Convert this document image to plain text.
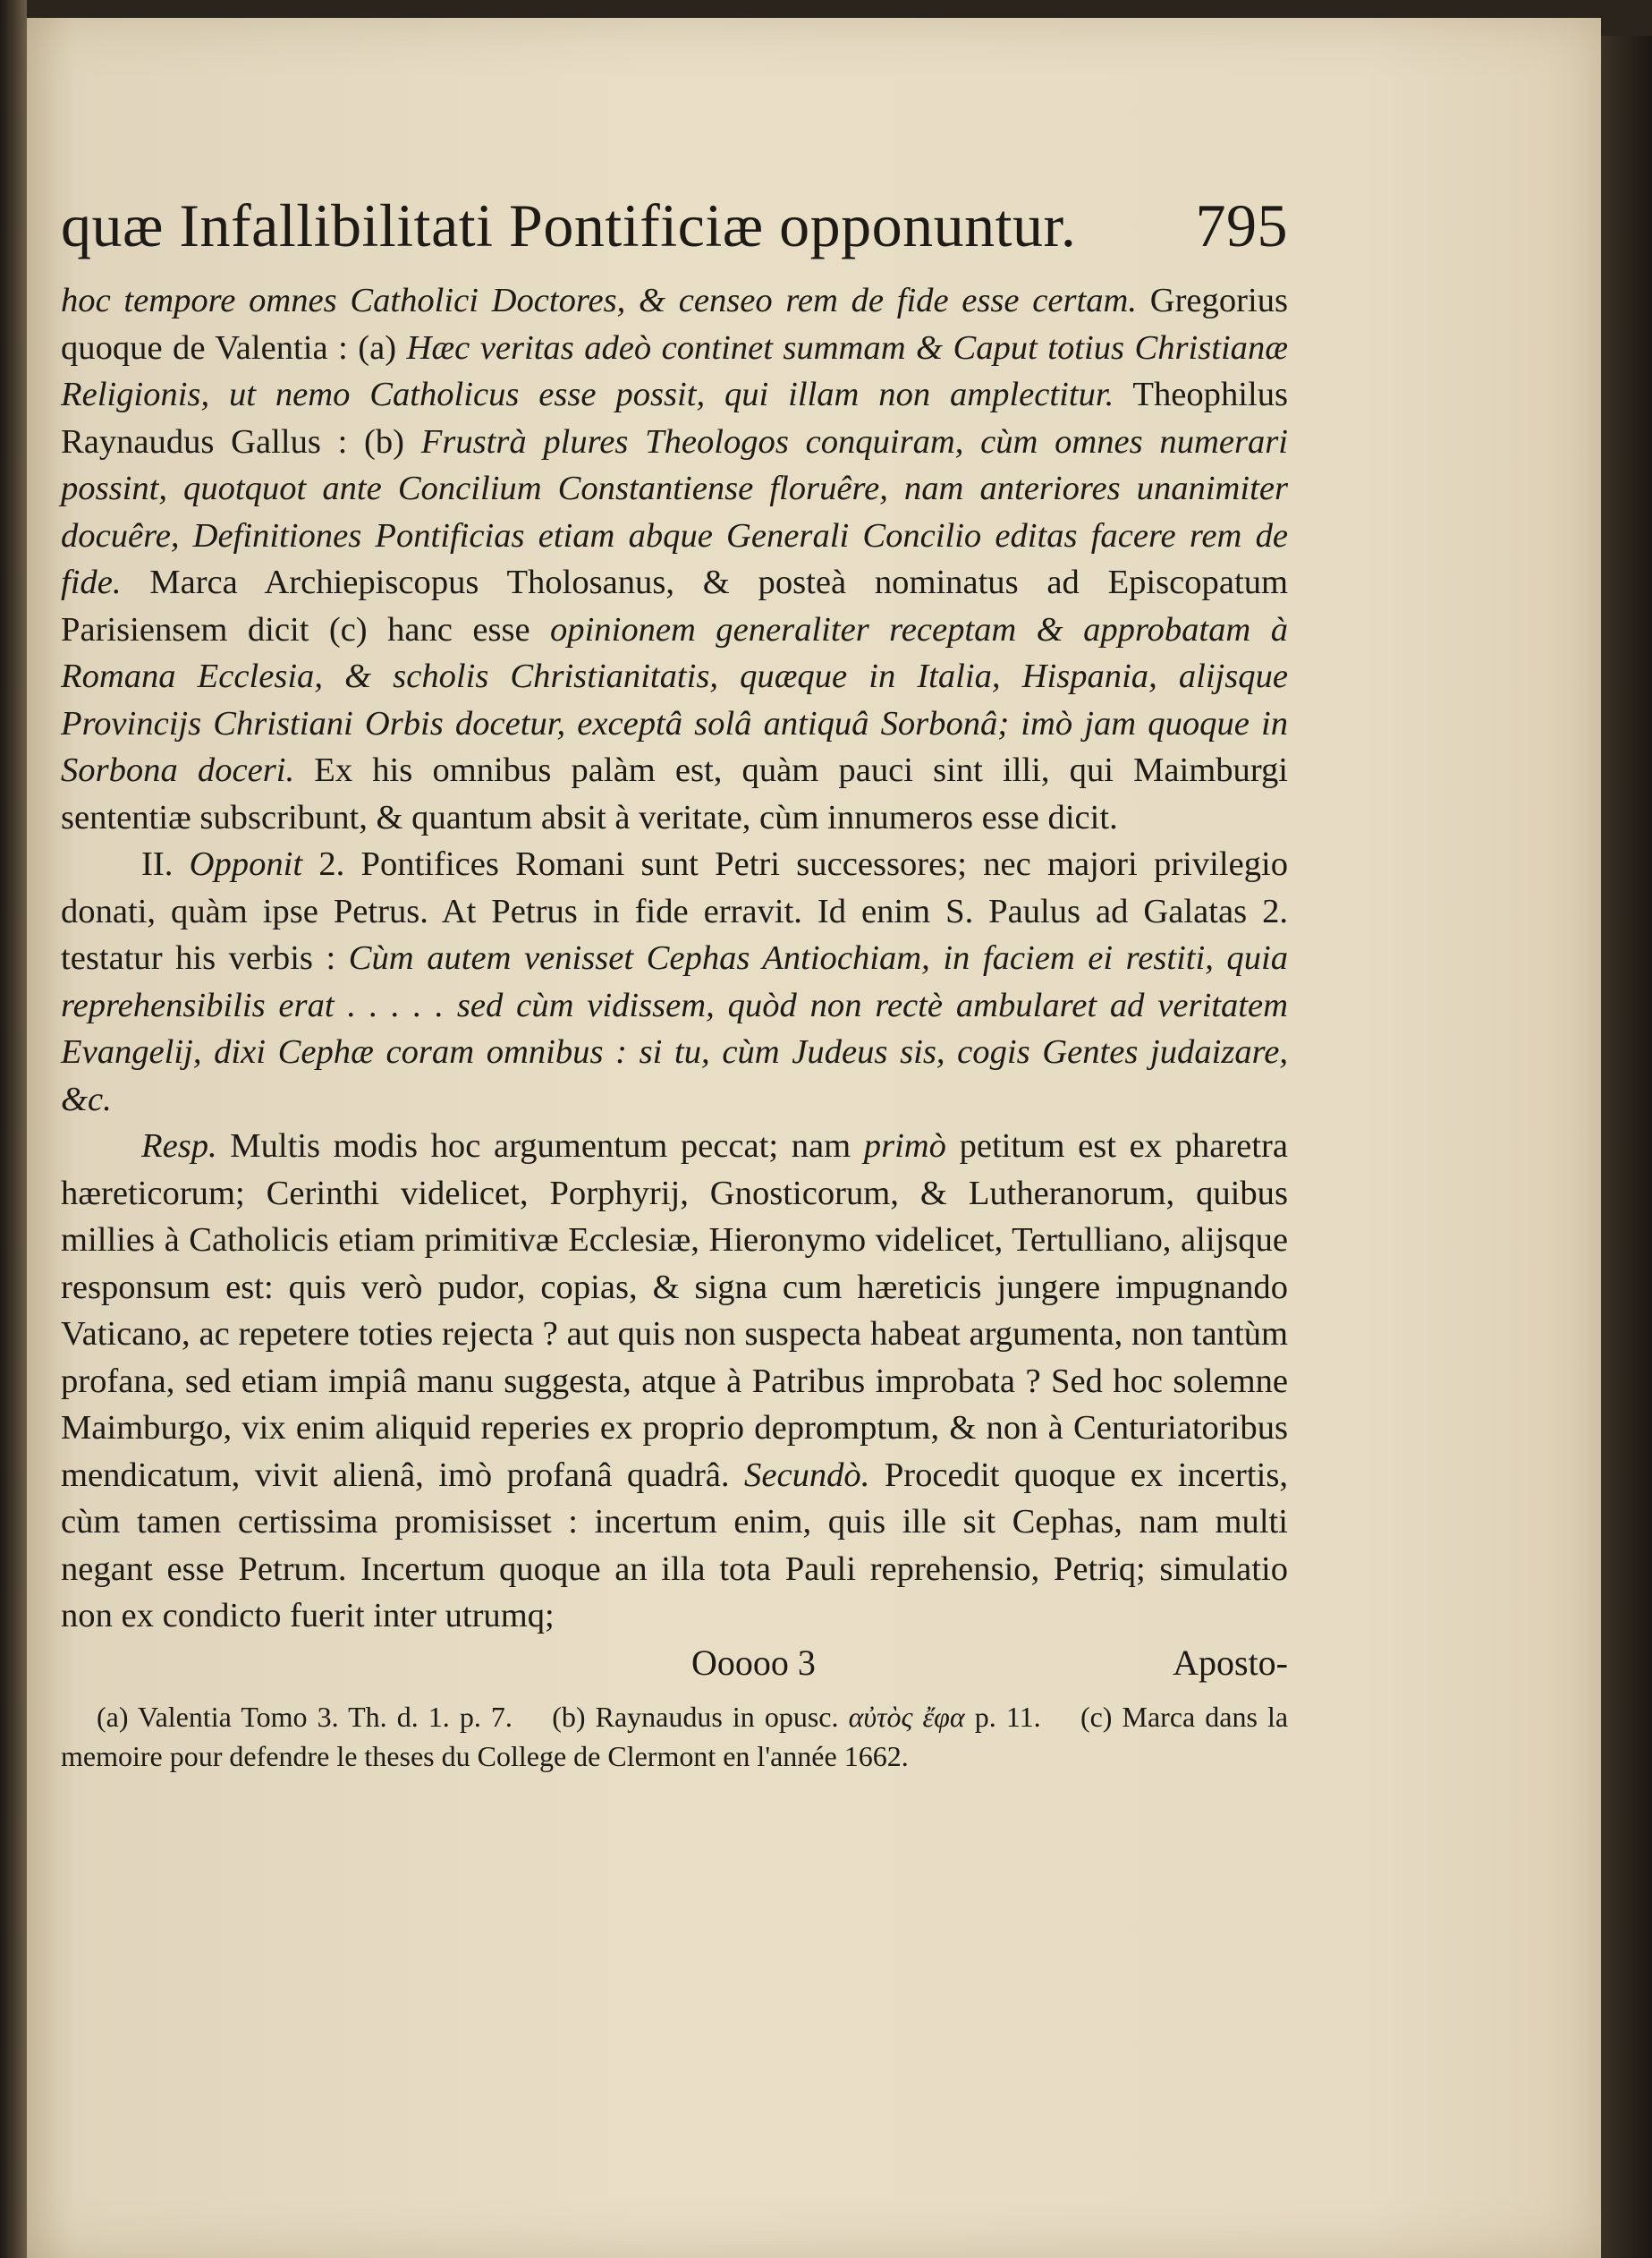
quæ Infallibilitati Pontificiæ opponuntur. 795

hoc tempore omnes Catholici Doctores, & censeo rem de fide esse certam. Gregorius quoque de Valentia : (a) Hæc veritas adeò continet summam & Caput totius Christianæ Religionis, ut nemo Catholicus esse possit, qui illam non amplectitur. Theophilus Raynaudus Gallus : (b) Frustrà plures Theologos conquiram, cùm omnes numerari possint, quotquot ante Concilium Constantiense floruêre, nam anteriores unanimiter docuêre, Definitiones Pontificias etiam abque Generali Concilio editas facere rem de fide. Marca Archiepiscopus Tholosanus, & posteà nominatus ad Episcopatum Parisiensem dicit (c) hanc esse opinionem generaliter receptam & approbatam à Romana Ecclesia, & scholis Christianitatis, quæque in Italia, Hispania, alijsque Provincijs Christiani Orbis docetur, exceptâ solâ antiquâ Sorbonâ; imò jam quoque in Sorbona doceri. Ex his omnibus palàm est, quàm pauci sint illi, qui Maimburgi sententiæ subscribunt, & quantum absit à veritate, cùm innumeros esse dicit.

II. Opponit 2. Pontifices Romani sunt Petri successores; nec majori privilegio donati, quàm ipse Petrus. At Petrus in fide erravit. Id enim S. Paulus ad Galatas 2. testatur his verbis : Cùm autem venisset Cephas Antiochiam, in faciem ei restiti, quia reprehensibilis erat . . . . . sed cùm vidissem, quòd non rectè ambularet ad veritatem Evangelij, dixi Cephæ coram omnibus : si tu, cùm Judeus sis, cogis Gentes judaizare, &c.

Resp. Multis modis hoc argumentum peccat; nam primò petitum est ex pharetra hæreticorum; Cerinthi videlicet, Porphyrij, Gnosticorum, & Lutheranorum, quibus millies à Catholicis etiam primitivæ Ecclesiæ, Hieronymo videlicet, Tertulliano, alijsque responsum est: quis verò pudor, copias, & signa cum hæreticis jungere impugnando Vaticano, ac repetere toties rejecta ? aut quis non suspecta habeat argumenta, non tantùm profana, sed etiam impiâ manu suggesta, atque à Patribus improbata ? Sed hoc solemne Maimburgo, vix enim aliquid reperies ex proprio depromptum, & non à Centuriatoribus mendicatum, vivit alienâ, imò profanâ quadrâ. Secundò. Procedit quoque ex incertis, cùm tamen certissima promisisset : incertum enim, quis ille sit Cephas, nam multi negant esse Petrum. Incertum quoque an illa tota Pauli reprehensio, Petriq; simulatio non ex condicto fuerit inter utrumq;

Ooooo 3	Aposto-

(a) Valentia Tomo 3. Th. d. 1. p. 7. (b) Raynaudus in opusc. αὐτὸς ἔφα p. 11. (c) Marca dans la memoire pour defendre le theses du College de Clermont en l'année 1662.
